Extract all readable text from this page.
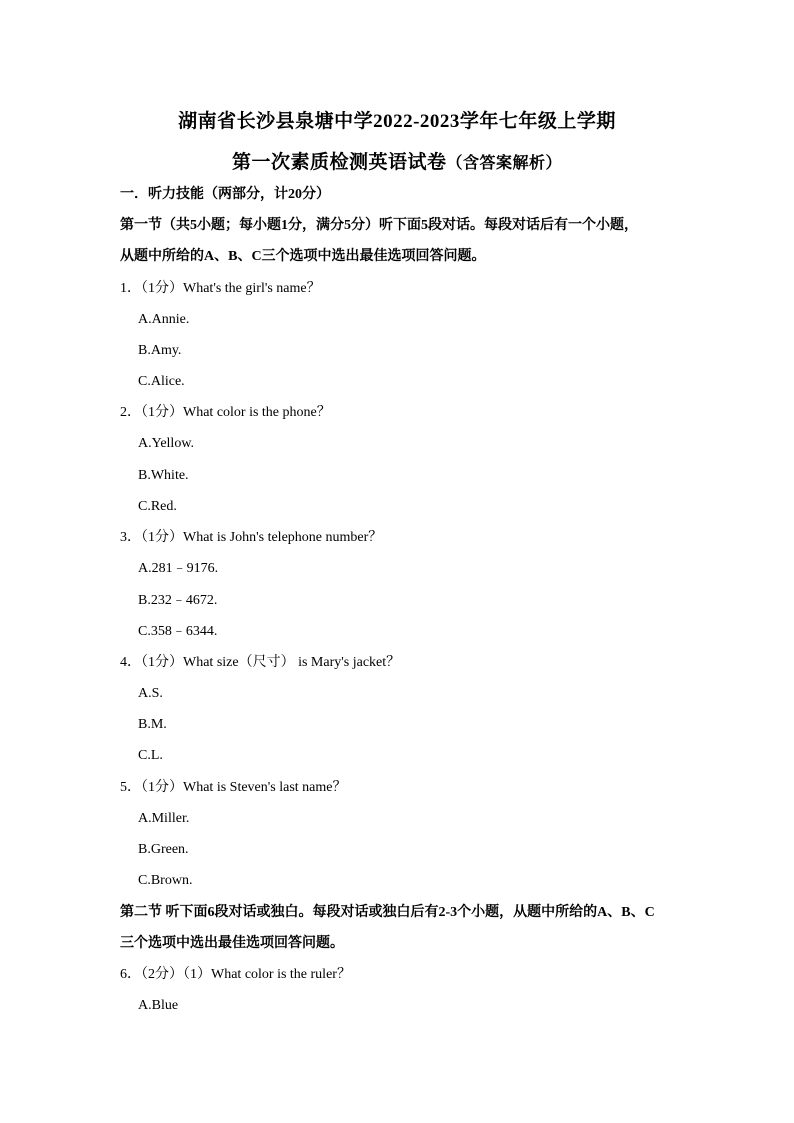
湖南省长沙县泉塘中学2022-2023学年七年级上学期
第一次素质检测英语试卷（含答案解析）
一．听力技能（两部分，计20分）
第一节（共5小题；每小题1分，满分5分）听下面5段对话。每段对话后有一个小题，
从题中所给的A、B、C三个选项中选出最佳选项回答问题。
1．（1分）What's the girl's name？
A.Annie.
B.Amy.
C.Alice.
2．（1分）What color is the phone？
A.Yellow.
B.White.
C.Red.
3．（1分）What is John's telephone number？
A.281﹣9176.
B.232﹣4672.
C.358﹣6344.
4．（1分）What size（尺寸） is Mary's jacket？
A.S.
B.M.
C.L.
5．（1分）What is Steven's last name？
A.Miller.
B.Green.
C.Brown.
第二节 听下面6段对话或独白。每段对话或独白后有2-3个小题，从题中所给的A、B、C
三个选项中选出最佳选项回答问题。
6．（2分）（1）What color is the ruler？
A.Blue
